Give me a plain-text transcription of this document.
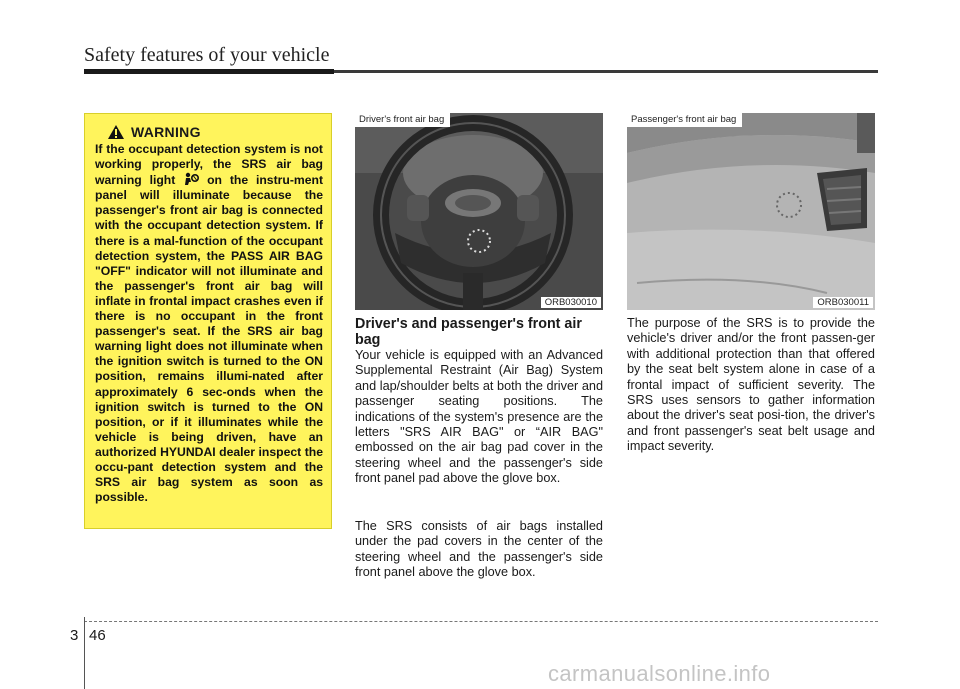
Safety features of your vehicle
WARNING

If the occupant detection system is not working properly, the SRS air bag warning light	on the instru-ment panel will illuminate because the passenger's front air bag is connected with the occupant detection system. If there is a mal-function of the occupant detection system, the PASS AIR BAG "OFF" indicator will not illuminate and the passenger's front air bag will inflate in frontal impact crashes even if there is no occupant in the front passenger's seat. If the SRS air bag warning light does not illuminate when the ignition switch is turned to the ON position, remains illumi-nated after approximately 6 sec-onds when the ignition switch is turned to the ON position, or if it illuminates while the vehicle is being driven, have an authorized HYUNDAI dealer inspect the occu-pant detection system and the SRS air bag system as soon as possible.

Driver's front air bag
ORB030010
Passenger's front air bag
ORB030011
Driver's and passenger's front air bag

Your vehicle is equipped with an Advanced Supplemental Restraint (Air Bag) System and lap/shoulder belts at both the driver and passenger seating positions. The indications of the system's presence are the letters "SRS AIR BAG" or “AIR BAG" embossed on the air bag pad cover in the steering wheel and the passenger's side front panel pad above the glove box.

The SRS consists of air bags installed under the pad covers in the center of the steering wheel and the passenger's side front panel above the glove box.

The purpose of the SRS is to provide the vehicle's driver and/or the front passen-ger with additional protection than that offered by the seat belt system alone in case of a frontal impact of sufficient severity. The SRS uses sensors to gather information about the driver's seat posi-tion, the driver's and front passenger's seat belt usage and impact severity.

3 46
carmanualsonline.info
